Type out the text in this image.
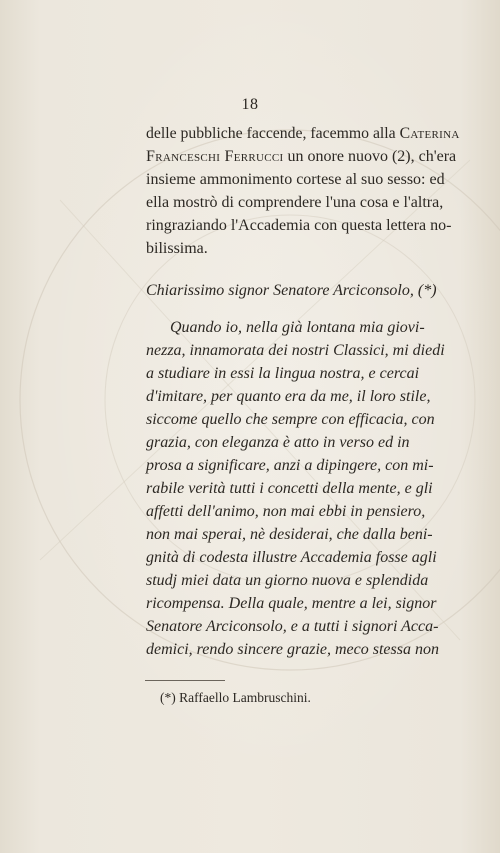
18
delle pubbliche faccende, facemmo alla Caterina
Franceschi Ferrucci un onore nuovo (2), ch'era
insieme ammonimento cortese al suo sesso: ed
ella mostrò di comprendere l'una cosa e l'altra,
ringraziando l'Accademia con questa lettera no-
bilissima.
Chiarissimo signor Senatore Arciconsolo, (*)
Quando io, nella già lontana mia giovi-
nezza, innamorata dei nostri Classici, mi diedi
a studiare in essi la lingua nostra, e cercai
d'imitare, per quanto era da me, il loro stile,
siccome quello che sempre con efficacia, con
grazia, con eleganza è atto in verso ed in
prosa a significare, anzi a dipingere, con mi-
rabile verità tutti i concetti della mente, e gli
affetti dell'animo, non mai ebbi in pensiero,
non mai sperai, nè desiderai, che dalla beni-
gnità di codesta illustre Accademia fosse agli
studj miei data un giorno nuova e splendida
ricompensa. Della quale, mentre a lei, signor
Senatore Arciconsolo, e a tutti i signori Acca-
demici, rendo sincere grazie, meco stessa non
(*) Raffaello Lambruschini.
